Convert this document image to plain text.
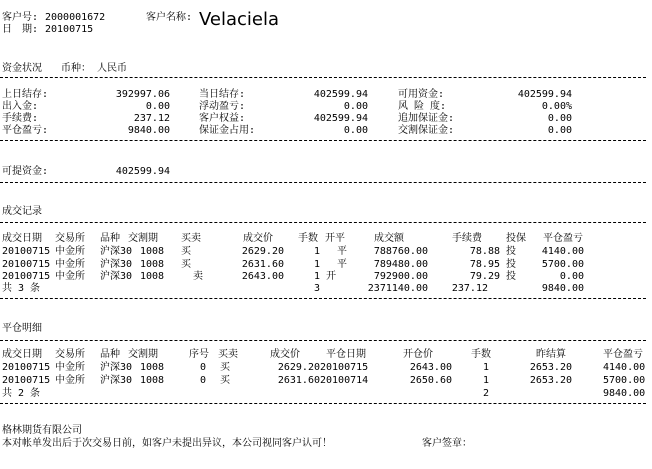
客户号: 2000001672	客户名称: Velaciela
日　期: 20100715
资金状况 币种： 人民币
上日结存:	392997.06	当日结存:	402599.94	可用资金:	402599.94
出入金:	0.00	浮动盈亏:	0.00	风 险 度:	0.00%
手续费:	237.12	客户权益:	402599.94	追加保证金:	0.00
平仓盈亏:	9840.00	保证金占用:	0.00	交割保证金:	0.00
可提资金:	402599.94
成交记录
成交日期 交易所 品种 交割期 买卖	成交价	手数 开平	成交额	手续费 投保 平仓盈亏
20100715 中金所 沪深30 1008 买	2629.20	1 平	788760.00	78.88 投	4140.00
20100715 中金所 沪深30 1008 买	2631.60	1 平	789480.00	78.95 投	5700.00
20100715 中金所 沪深30 1008	卖	2643.00	1 开	792900.00	79.29 投	0.00
共 3 条	3	2371140.00	237.12	9840.00
平仓明细
成交日期 交易所 品种 交割期	序号 买卖	成交价	平仓日期	开仓价	手数	昨结算	平仓盈亏
20100715 中金所 沪深30 1008	0 买	2629.20 20100715	2643.00	1	2653.20	4140.00
20100715 中金所 沪深30 1008	0 买	2631.60 20100714	2650.60	1	2653.20	5700.00
共 2 条	2	9840.00
格林期货有限公司
本对帐单发出后于次交易日前，如客户未提出异议，本公司视同客户认可！	客户签章：
